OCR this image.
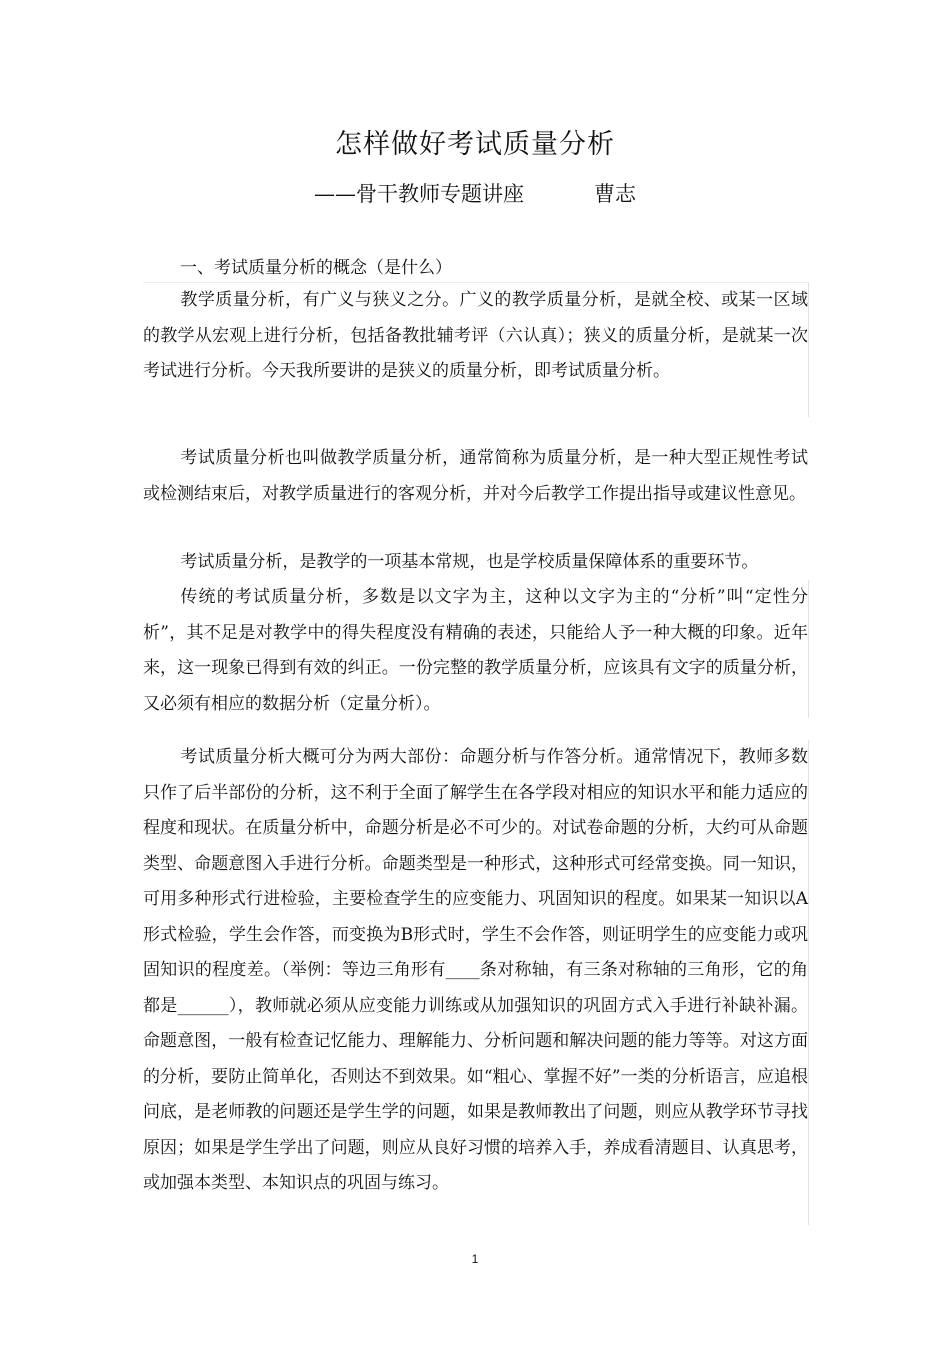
怎样做好考试质量分析
——骨干教师专题讲座	曹志
一、考试质量分析的概念（是什么）

教学质量分析，有广义与狭义之分。广义的教学质量分析，是就全校、或某一区域的教学从宏观上进行分析，包括备教批辅考评（六认真）；狭义的质量分析，是就某一次考试进行分析。今天我所要讲的是狭义的质量分析，即考试质量分析。

考试质量分析也叫做教学质量分析，通常简称为质量分析，是一种大型正规性考试或检测结束后，对教学质量进行的客观分析，并对今后教学工作提出指导或建议性意见。

考试质量分析，是教学的一项基本常规，也是学校质量保障体系的重要环节。

传统的考试质量分析，多数是以文字为主，这种以文字为主的“分析”叫“定性分析”，其不足是对教学中的得失程度没有精确的表述，只能给人予一种大概的印象。近年来，这一现象已得到有效的纠正。一份完整的教学质量分析，应该具有文字的质量分析，又必须有相应的数据分析（定量分析）。

考试质量分析大概可分为两大部份：命题分析与作答分析。通常情况下，教师多数只作了后半部份的分析，这不利于全面了解学生在各学段对相应的知识水平和能力适应的程度和现状。在质量分析中，命题分析是必不可少的。对试卷命题的分析，大约可从命题类型、命题意图入手进行分析。命题类型是一种形式，这种形式可经常变换。同一知识，可用多种形式行进检验，主要检查学生的应变能力、巩固知识的程度。如果某一知识以A形式检验，学生会作答，而变换为B形式时，学生不会作答，则证明学生的应变能力或巩固知识的程度差。（举例：等边三角形有____条对称轴，有三条对称轴的三角形，它的角都是______），教师就必须从应变能力训练或从加强知识的巩固方式入手进行补缺补漏。命题意图，一般有检查记忆能力、理解能力、分析问题和解决问题的能力等等。对这方面的分析，要防止简单化，否则达不到效果。如“粗心、掌握不好”一类的分析语言，应追根问底，是老师教的问题还是学生学的问题，如果是教师教出了问题，则应从教学环节寻找原因；如果是学生学出了问题，则应从良好习惯的培养入手，养成看清题目、认真思考，或加强本类型、本知识点的巩固与练习。

1
